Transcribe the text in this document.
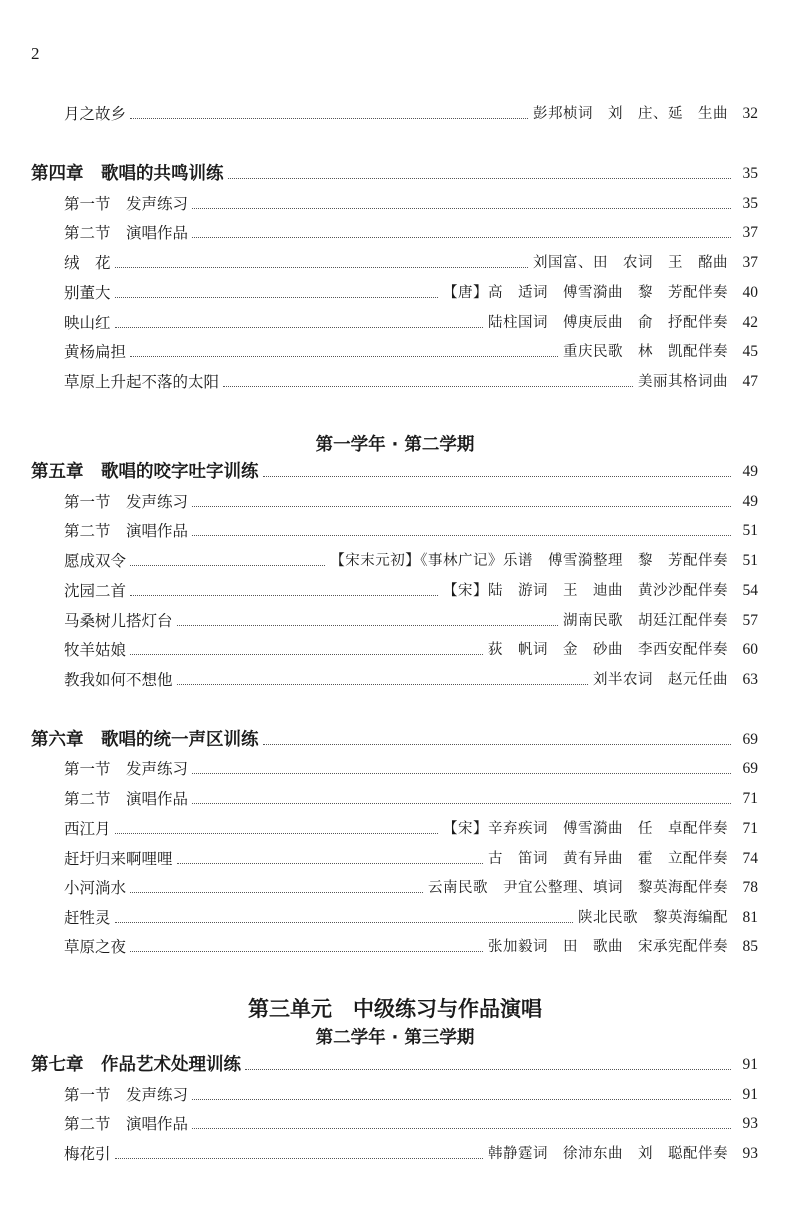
2
第一学年 · 第二学期
第三单元　中级练习与作品演唱
第二学年 · 第三学期
月之故乡	彭邦桢词　刘　庄、延　生曲 32
第四章　歌唱的共鸣训练	35
第一节　发声练习	35
第二节　演唱作品	37
绒　花	刘国富、田　农词　王　酩曲 37
别董大	【唐】高　适词　傅雪漪曲　黎　芳配伴奏 40
映山红	陆柱国词　傅庚辰曲　俞　抒配伴奏 42
黄杨扁担	重庆民歌　林　凯配伴奏 45
草原上升起不落的太阳	美丽其格词曲 47
第五章　歌唱的咬字吐字训练	49
第一节　发声练习	49
第二节　演唱作品	51
愿成双令	【宋末元初】《事林广记》乐谱　傅雪漪整理　黎　芳配伴奏 51
沈园二首	【宋】陆　游词　王　迪曲　黄沙沙配伴奏 54
马桑树儿搭灯台	湖南民歌　胡廷江配伴奏 57
牧羊姑娘	荻　帆词　金　砂曲　李西安配伴奏 60
教我如何不想他	刘半农词　赵元任曲 63
第六章　歌唱的统一声区训练	69
第一节　发声练习	69
第二节　演唱作品	71
西江月	【宋】辛弃疾词　傅雪漪曲　任　卓配伴奏 71
赶圩归来啊哩哩	古　笛词　黄有异曲　霍　立配伴奏 74
小河淌水	云南民歌　尹宜公整理、填词　黎英海配伴奏 78
赶牲灵	陕北民歌　黎英海编配 81
草原之夜	张加毅词　田　歌曲　宋承宪配伴奏 85
第七章　作品艺术处理训练	91
第一节　发声练习	91
第二节　演唱作品	93
梅花引	韩静霆词　徐沛东曲　刘　聪配伴奏 93
